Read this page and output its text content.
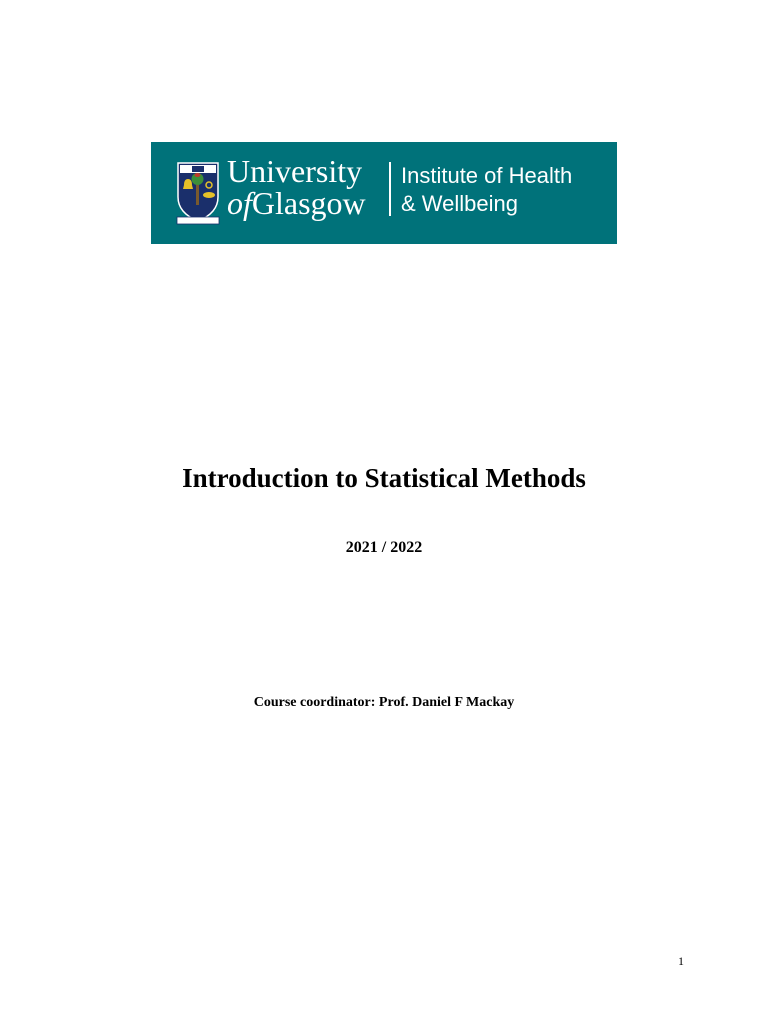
University
ofGlasgow
Institute of Health
& Wellbeing
Introduction to Statistical Methods
2021 / 2022
Course coordinator: Prof. Daniel F Mackay
1
